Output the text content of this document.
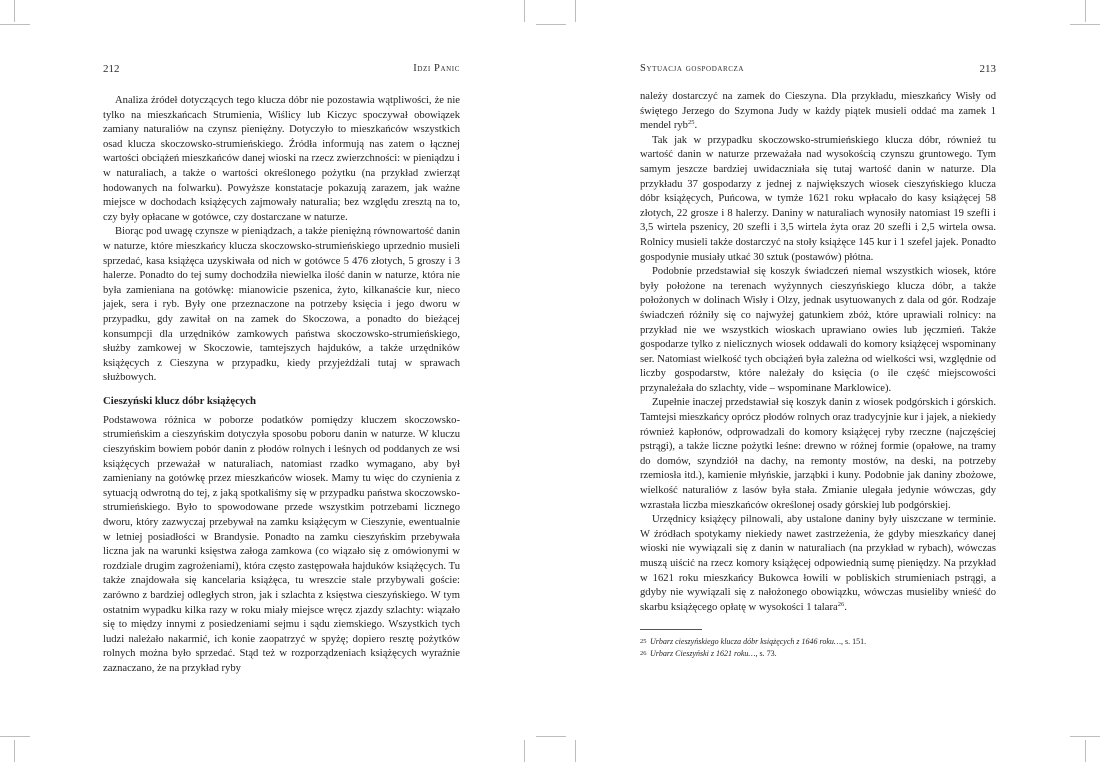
212	Idzi Panic

Analiza źródeł dotyczących tego klucza dóbr nie pozostawia wątpliwości, że nie tylko na mieszkańcach Strumienia, Wiślicy lub Kiczyc spoczywał obowiązek zamiany naturaliów na czynsz pieniężny. Dotyczyło to mieszkańców wszystkich osad klucza skoczowsko-strumieńskiego. Źródła informują nas zatem o łącznej wartości obciążeń mieszkańców danej wioski na rzecz zwierzchności: w pieniądzu i w naturaliach, a także o wartości określonego pożytku (na przykład zwierząt hodowanych na folwarku). Powyższe konstatacje pokazują zarazem, jak ważne miejsce w dochodach książęcych zajmowały naturalia; bez względu zresztą na to, czy były opłacane w gotówce, czy dostarczane w naturze.

Biorąc pod uwagę czynsze w pieniądzach, a także pieniężną równowartość danin w naturze, które mieszkańcy klucza skoczowsko-strumieńskiego uprzednio musieli sprzedać, kasa książęca uzyskiwała od nich w gotówce 5 476 złotych, 5 groszy i 3 halerze. Ponadto do tej sumy dochodziła niewielka ilość danin w naturze, która nie była zamieniana na gotówkę: mianowicie pszenica, żyto, kilkanaście kur, nieco jajek, sera i ryb. Były one przeznaczone na potrzeby księcia i jego dworu w przypadku, gdy zawitał on na zamek do Skoczowa, a ponadto do bieżącej konsumpcji dla urzędników zamkowych państwa skoczowsko-strumieńskiego, służby zamkowej w Skoczowie, tamtejszych hajduków, a także urzędników książęcych z Cieszyna w przypadku, kiedy przyjeżdżali tutaj w sprawach służbowych.

Cieszyński klucz dóbr książęcych

Podstawowa różnica w poborze podatków pomiędzy kluczem skoczowsko-strumieńskim a cieszyńskim dotyczyła sposobu poboru danin w naturze. W kluczu cieszyńskim bowiem pobór danin z płodów rolnych i leśnych od poddanych ze wsi książęcych przeważał w naturaliach, natomiast rzadko wymagano, aby był zamieniany na gotówkę przez mieszkańców wiosek. Mamy tu więc do czynienia z sytuacją odwrotną do tej, z jaką spotkaliśmy się w przypadku państwa skoczowsko-strumieńskiego. Było to spowodowane przede wszystkim potrzebami licznego dworu, który zazwyczaj przebywał na zamku książęcym w Cieszynie, ewentualnie w letniej posiadłości w Brandysie. Ponadto na zamku cieszyńskim przebywała liczna jak na warunki księstwa załoga zamkowa (co wiązało się z omówionymi w rozdziale drugim zagrożeniami), która często zastępowała hajduków książęcych. Tu także znajdowała się kancelaria książęca, tu wreszcie stale przybywali goście: zarówno z bardziej odległych stron, jak i szlachta z księstwa cieszyńskiego. W tym ostatnim wypadku kilka razy w roku miały miejsce wręcz zjazdy szlachty: wiązało się to między innymi z posiedzeniami sejmu i sądu ziemskiego. Wszystkich tych ludzi należało nakarmić, ich konie zaopatrzyć w spyżę; dopiero resztę pożytków rolnych można było sprzedać. Stąd też w rozporządzeniach książęcych wyraźnie zaznaczano, że na przykład ryby

Sytuacja gospodarcza	213

należy dostarczyć na zamek do Cieszyna. Dla przykładu, mieszkańcy Wisły od świętego Jerzego do Szymona Judy w każdy piątek musieli oddać ma zamek 1 mendel ryb$^{25}$.

Tak jak w przypadku skoczowsko-strumieńskiego klucza dóbr, również tu wartość danin w naturze przeważała nad wysokością czynszu gruntowego. Tym samym jeszcze bardziej uwidaczniała się tutaj wartość danin w naturze. Dla przykładu 37 gospodarzy z jednej z największych wiosek cieszyńskiego klucza dóbr książęcych, Puńcowa, w tymże 1621 roku wpłacało do kasy książęcej 58 złotych, 22 grosze i 8 halerzy. Daniny w naturaliach wynosiły natomiast 19 szefli i 3,5 wirtela pszenicy, 20 szefli i 3,5 wirtela żyta oraz 20 szefli i 2,5 wirtela owsa. Rolnicy musieli także dostarczyć na stoły książęce 145 kur i 1 szefel jajek. Ponadto gospodynie musiały utkać 30 sztuk (postawów) płótna.

Podobnie przedstawiał się koszyk świadczeń niemal wszystkich wiosek, które były położone na terenach wyżynnych cieszyńskiego klucza dóbr, a także położonych w dolinach Wisły i Olzy, jednak usytuowanych z dala od gór. Rodzaje świadczeń różniły się co najwyżej gatunkiem zbóż, które uprawiali rolnicy: na przykład nie we wszystkich wioskach uprawiano owies lub jęczmień. Także gospodarze tylko z nielicznych wiosek oddawali do komory książęcej wspominany ser. Natomiast wielkość tych obciążeń była zależna od wielkości wsi, względnie od liczby gospodarstw, które należały do księcia (o ile część miejscowości przynależała do szlachty, vide – wspominane Marklowice).

Zupełnie inaczej przedstawiał się koszyk danin z wiosek podgórskich i górskich. Tamtejsi mieszkańcy oprócz płodów rolnych oraz tradycyjnie kur i jajek, a niekiedy również kapłonów, odprowadzali do komory książęcej ryby rzeczne (najczęściej pstrągi), a także liczne pożytki leśne: drewno w różnej formie (opałowe, na tramy do domów, szyndziół na dachy, na remonty mostów, na deski, na potrzeby rzemiosła itd.), kamienie młyńskie, jarząbki i kuny. Podobnie jak daniny zbożowe, wielkość naturaliów z lasów była stała. Zmianie ulegała jedynie wówczas, gdy wzrastała liczba mieszkańców określonej osady górskiej lub podgórskiej.

Urzędnicy książęcy pilnowali, aby ustalone daniny były uiszczane w terminie. W źródłach spotykamy niekiedy nawet zastrzeżenia, że gdyby mieszkańcy danej wioski nie wywiązali się z danin w naturaliach (na przykład w rybach), wówczas muszą uiścić na rzecz komory książęcej odpowiednią sumę pieniędzy. Na przykład w 1621 roku mieszkańcy Bukowca łowili w pobliskich strumieniach pstrągi, a gdyby nie wywiązali się z nałożonego obowiązku, wówczas musieliby wnieść do skarbu książęcego opłatę w wysokości 1 talara$^{26}$.

25 Urbarz cieszyńskiego klucza dóbr książęcych z 1646 roku…, s. 151.
26 Urbarz Cieszyński z 1621 roku…, s. 73.
